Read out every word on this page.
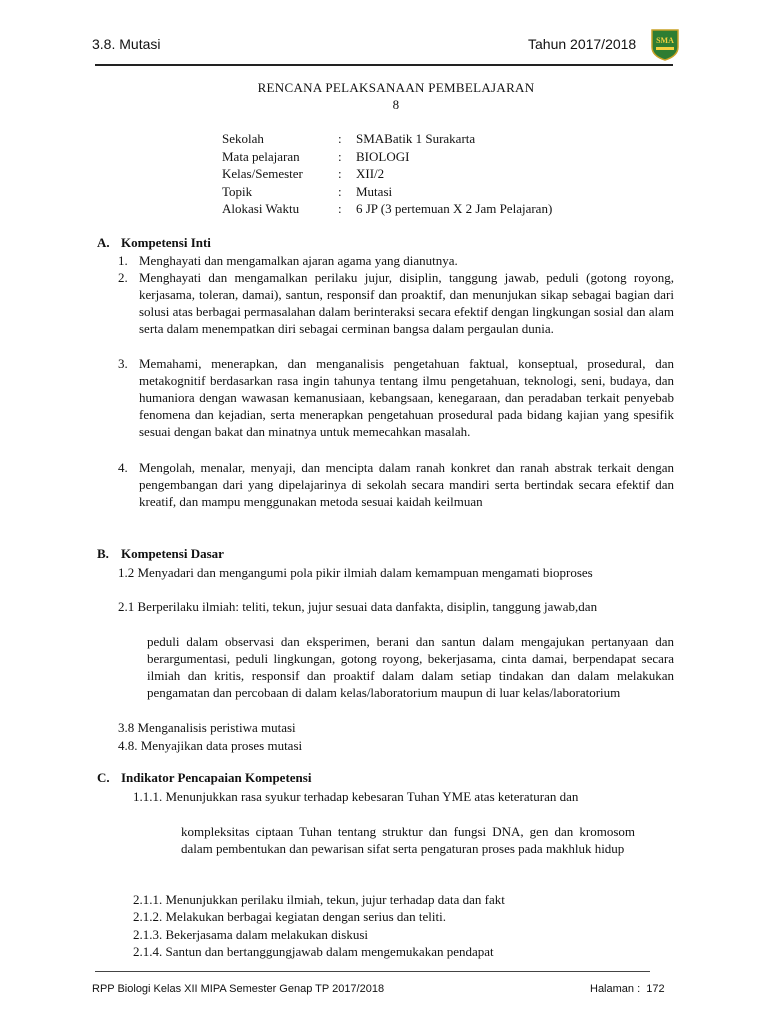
3.8. Mutasi	Tahun 2017/2018 SMA
RENCANA PELAKSANAAN PEMBELAJARAN
8
Sekolah	: SMABatik 1 Surakarta
Mata pelajaran	: BIOLOGI
Kelas/Semester	: XII/2
Topik	: Mutasi
Alokasi Waktu	: 6 JP (3 pertemuan X 2 Jam Pelajaran)
A. Kompetensi Inti
1. Menghayati dan mengamalkan ajaran agama yang dianutnya.
2. Menghayati dan mengamalkan perilaku jujur, disiplin, tanggung jawab, peduli (gotong royong, kerjasama, toleran, damai), santun, responsif dan proaktif, dan menunjukan sikap sebagai bagian dari solusi atas berbagai permasalahan dalam berinteraksi secara efektif dengan lingkungan sosial dan alam serta dalam menempatkan diri sebagai cerminan bangsa dalam pergaulan dunia.
3. Memahami, menerapkan, dan menganalisis pengetahuan faktual, konseptual, prosedural, dan metakognitif berdasarkan rasa ingin tahunya tentang ilmu pengetahuan, teknologi, seni, budaya, dan humaniora dengan wawasan kemanusiaan, kebangsaan, kenegaraan, dan peradaban terkait penyebab fenomena dan kejadian, serta menerapkan pengetahuan prosedural pada bidang kajian yang spesifik sesuai dengan bakat dan minatnya untuk memecahkan masalah.
4. Mengolah, menalar, menyaji, dan mencipta dalam ranah konkret dan ranah abstrak terkait dengan pengembangan dari yang dipelajarinya di sekolah secara mandiri serta bertindak secara efektif dan kreatif, dan mampu menggunakan metoda sesuai kaidah keilmuan
B. Kompetensi Dasar
1.2 Menyadari dan mengangumi pola pikir ilmiah dalam kemampuan mengamati bioproses
2.1 Berperilaku ilmiah: teliti, tekun, jujur sesuai data danfakta, disiplin, tanggung jawab,dan
peduli dalam observasi dan eksperimen, berani dan santun dalam mengajukan pertanyaan dan berargumentasi, peduli lingkungan, gotong royong, bekerjasama, cinta damai, berpendapat secara ilmiah dan kritis, responsif dan proaktif dalam dalam setiap tindakan dan dalam melakukan pengamatan dan percobaan di dalam kelas/laboratorium maupun di luar kelas/laboratorium
3.8 Menganalisis peristiwa mutasi
4.8. Menyajikan data proses mutasi
C. Indikator Pencapaian Kompetensi
1.1.1. Menunjukkan rasa syukur terhadap kebesaran Tuhan YME atas keteraturan dan
kompleksitas ciptaan Tuhan tentang struktur dan fungsi DNA, gen dan kromosom dalam pembentukan dan pewarisan sifat serta pengaturan proses pada makhluk hidup
2.1.1. Menunjukkan perilaku ilmiah, tekun, jujur terhadap data dan fakt
2.1.2. Melakukan berbagai kegiatan dengan serius dan teliti.
2.1.3. Bekerjasama dalam melakukan diskusi
2.1.4. Santun dan bertanggungjawab dalam mengemukakan pendapat
RPP Biologi Kelas XII MIPA Semester Genap TP 2017/2018	Halaman : 172
